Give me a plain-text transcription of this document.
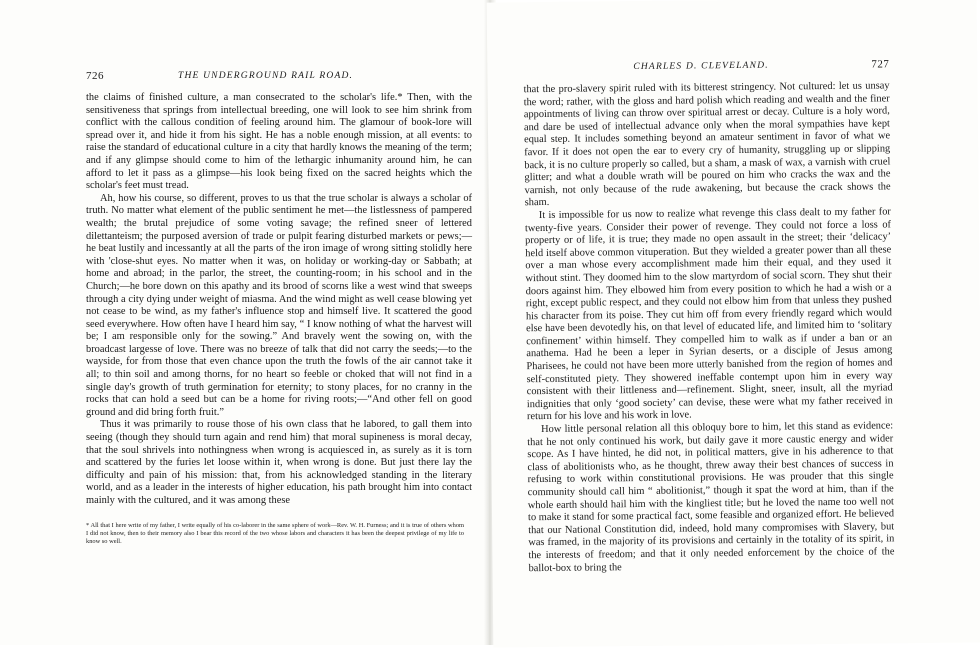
726	THE UNDERGROUND RAIL ROAD.

the claims of finished culture, a man consecrated to the scholar's life.* Then, with the sensitiveness that springs from intellectual breeding, one will look to see him shrink from conflict with the callous condition of feeling around him. The glamour of book-lore will spread over it, and hide it from his sight. He has a noble enough mission, at all events: to raise the standard of educational culture in a city that hardly knows the meaning of the term; and if any glimpse should come to him of the lethargic inhumanity around him, he can afford to let it pass as a glimpse—his look being fixed on the sacred heights which the scholar's feet must tread.

Ah, how his course, so different, proves to us that the true scholar is always a scholar of truth. No matter what element of the public sentiment he met—the listlessness of pampered wealth; the brutal prejudice of some voting savage; the refined sneer of lettered dilettanteism; the purposed aversion of trade or pulpit fearing disturbed markets or pews;—he beat lustily and incessantly at all the parts of the iron image of wrong sitting stolidly here with 'close-shut eyes. No matter when it was, on holiday or working-day or Sabbath; at home and abroad; in the parlor, the street, the counting-room; in his school and in the Church;—he bore down on this apathy and its brood of scorns like a west wind that sweeps through a city dying under weight of miasma. And the wind might as well cease blowing yet not cease to be wind, as my father's influence stop and himself live. It scattered the good seed everywhere. How often have I heard him say, “ I know nothing of what the harvest will be; I am responsible only for the sowing.” And bravely went the sowing on, with the broadcast largesse of love. There was no breeze of talk that did not carry the seeds;—to the wayside, for from those that even chance upon the truth the fowls of the air cannot take it all; to thin soil and among thorns, for no heart so feeble or choked that will not find in a single day's growth of truth germination for eternity; to stony places, for no cranny in the rocks that can hold a seed but can be a home for riving roots;—“And other fell on good ground and did bring forth fruit.”

Thus it was primarily to rouse those of his own class that he labored, to gall them into seeing (though they should turn again and rend him) that moral supineness is moral decay, that the soul shrivels into nothingness when wrong is acquiesced in, as surely as it is torn and scattered by the furies let loose within it, when wrong is done. But just there lay the difficulty and pain of his mission: that, from his acknowledged standing in the literary world, and as a leader in the interests of higher education, his path brought him into contact mainly with the cultured, and it was among these

* All that I here write of my father, I write equally of his co-laborer in the same sphere of work—Rev. W. H. Furness; and it is true of others whom I did not know, then to their memory also I bear this record of the two whose labors and characters it has been the deepest privilege of my life to know so well.
CHARLES D. CLEVELAND.	727

that the pro-slavery spirit ruled with its bitterest stringency. Not cultured: let us unsay the word; rather, with the gloss and hard polish which reading and wealth and the finer appointments of living can throw over spiritual arrest or decay. Culture is a holy word, and dare be used of intellectual advance only when the moral sympathies have kept equal step. It includes something beyond an amateur sentiment in favor of what we favor. If it does not open the ear to every cry of humanity, struggling up or slipping back, it is no culture properly so called, but a sham, a mask of wax, a varnish with cruel glitter; and what a double wrath will be poured on him who cracks the wax and the varnish, not only because of the rude awakening, but because the crack shows the sham.

It is impossible for us now to realize what revenge this class dealt to my father for twenty-five years. Consider their power of revenge. They could not force a loss of property or of life, it is true; they made no open assault in the street; their ‘delicacy’ held itself above common vituperation. But they wielded a greater power than all these over a man whose every accomplishment made him their equal, and they used it without stint. They doomed him to the slow martyrdom of social scorn. They shut their doors against him. They elbowed him from every position to which he had a wish or a right, except public respect, and they could not elbow him from that unless they pushed his character from its poise. They cut him off from every friendly regard which would else have been devotedly his, on that level of educated life, and limited him to ‘solitary confinement’ within himself. They compelled him to walk as if under a ban or an anathema. Had he been a leper in Syrian deserts, or a disciple of Jesus among Pharisees, he could not have been more utterly banished from the region of homes and self-constituted piety. They showered ineffable contempt upon him in every way consistent with their littleness and—refinement. Slight, sneer, insult, all the myriad indignities that only ‘good society’ can devise, these were what my father received in return for his love and his work in love.

How little personal relation all this obloquy bore to him, let this stand as evidence: that he not only continued his work, but daily gave it more caustic energy and wider scope. As I have hinted, he did not, in political matters, give in his adherence to that class of abolitionists who, as he thought, threw away their best chances of success in refusing to work within constitutional provisions. He was prouder that this single community should call him “ abolitionist,” though it spat the word at him, than if the whole earth should hail him with the kingliest title; but he loved the name too well not to make it stand for some practical fact, some feasible and organized effort. He believed that our National Constitution did, indeed, hold many compromises with Slavery, but was framed, in the majority of its provisions and certainly in the totality of its spirit, in the interests of freedom; and that it only needed enforcement by the choice of the ballot-box to bring the
